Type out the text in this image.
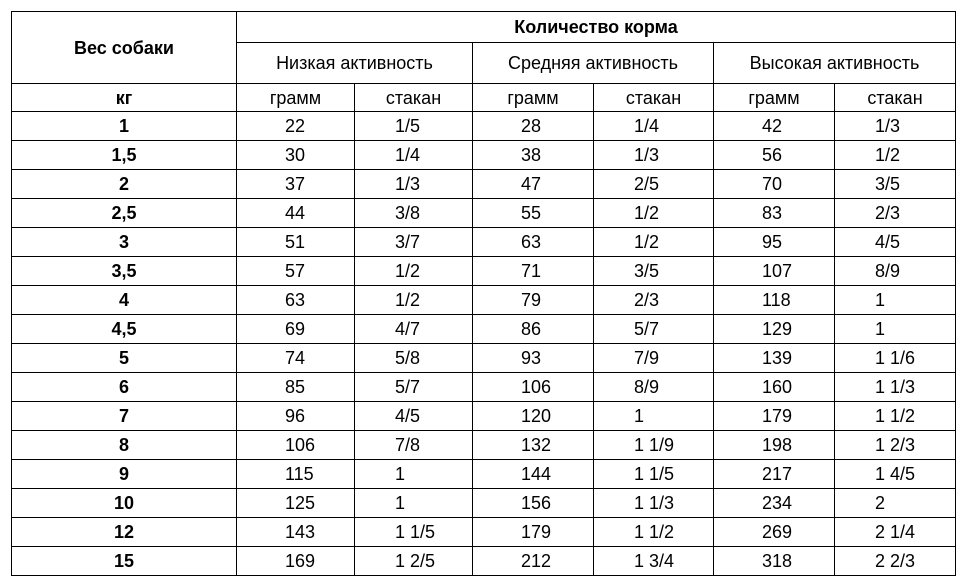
Вес собаки	Количество корма					
	Низкая активность		Средняя активность		Высокая активность	
кг	грамм	стакан	грамм	стакан	грамм	стакан
1	22	1/5	28	1/4	42	1/3
1,5	30	1/4	38	1/3	56	1/2
2	37	1/3	47	2/5	70	3/5
2,5	44	3/8	55	1/2	83	2/3
3	51	3/7	63	1/2	95	4/5
3,5	57	1/2	71	3/5	107	8/9
4	63	1/2	79	2/3	118	1
4,5	69	4/7	86	5/7	129	1
5	74	5/8	93	7/9	139	1 1/6
6	85	5/7	106	8/9	160	1 1/3
7	96	4/5	120	1	179	1 1/2
8	106	7/8	132	1 1/9	198	1 2/3
9	115	1	144	1 1/5	217	1 4/5
10	125	1	156	1 1/3	234	2
12	143	1 1/5	179	1 1/2	269	2 1/4
15	169	1 2/5	212	1 3/4	318	2 2/3
